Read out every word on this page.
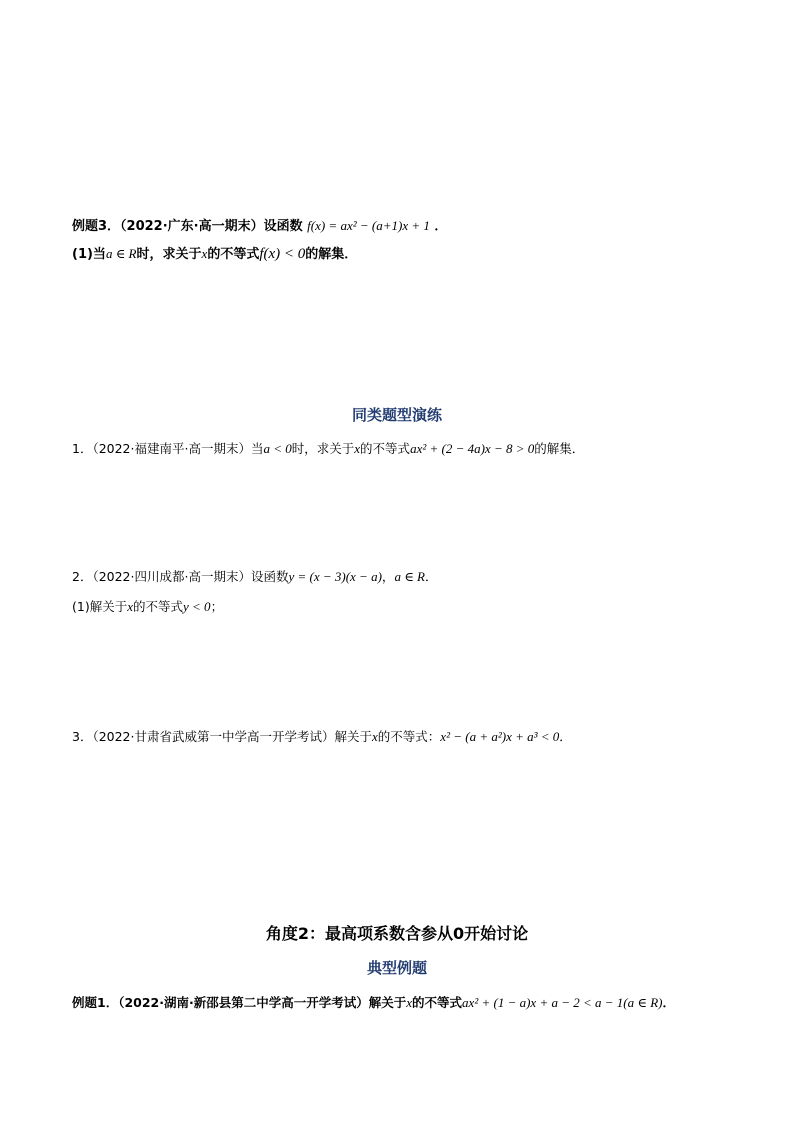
例题3．（2022·广东·高一期末）设函数 f(x) = ax² − (a+1)x + 1 ．
(1)当a ∈ R时，求关于x的不等式f(x) < 0的解集．
同类题型演练
1．（2022·福建南平·高一期末）当a < 0时，求关于x的不等式ax² + (2 − 4a)x − 8 > 0的解集．
2．（2022·四川成都·高一期末）设函数y = (x − 3)(x − a)，a ∈ R．
(1)解关于x的不等式y < 0；
3．（2022·甘肃省武威第一中学高一开学考试）解关于x的不等式：x² − (a + a²)x + a³ < 0．
角度2：最高项系数含参从0开始讨论
典型例题
例题1．（2022·湖南·新邵县第二中学高一开学考试）解关于x的不等式ax² + (1 − a)x + a − 2 < a − 1(a ∈ R)．
